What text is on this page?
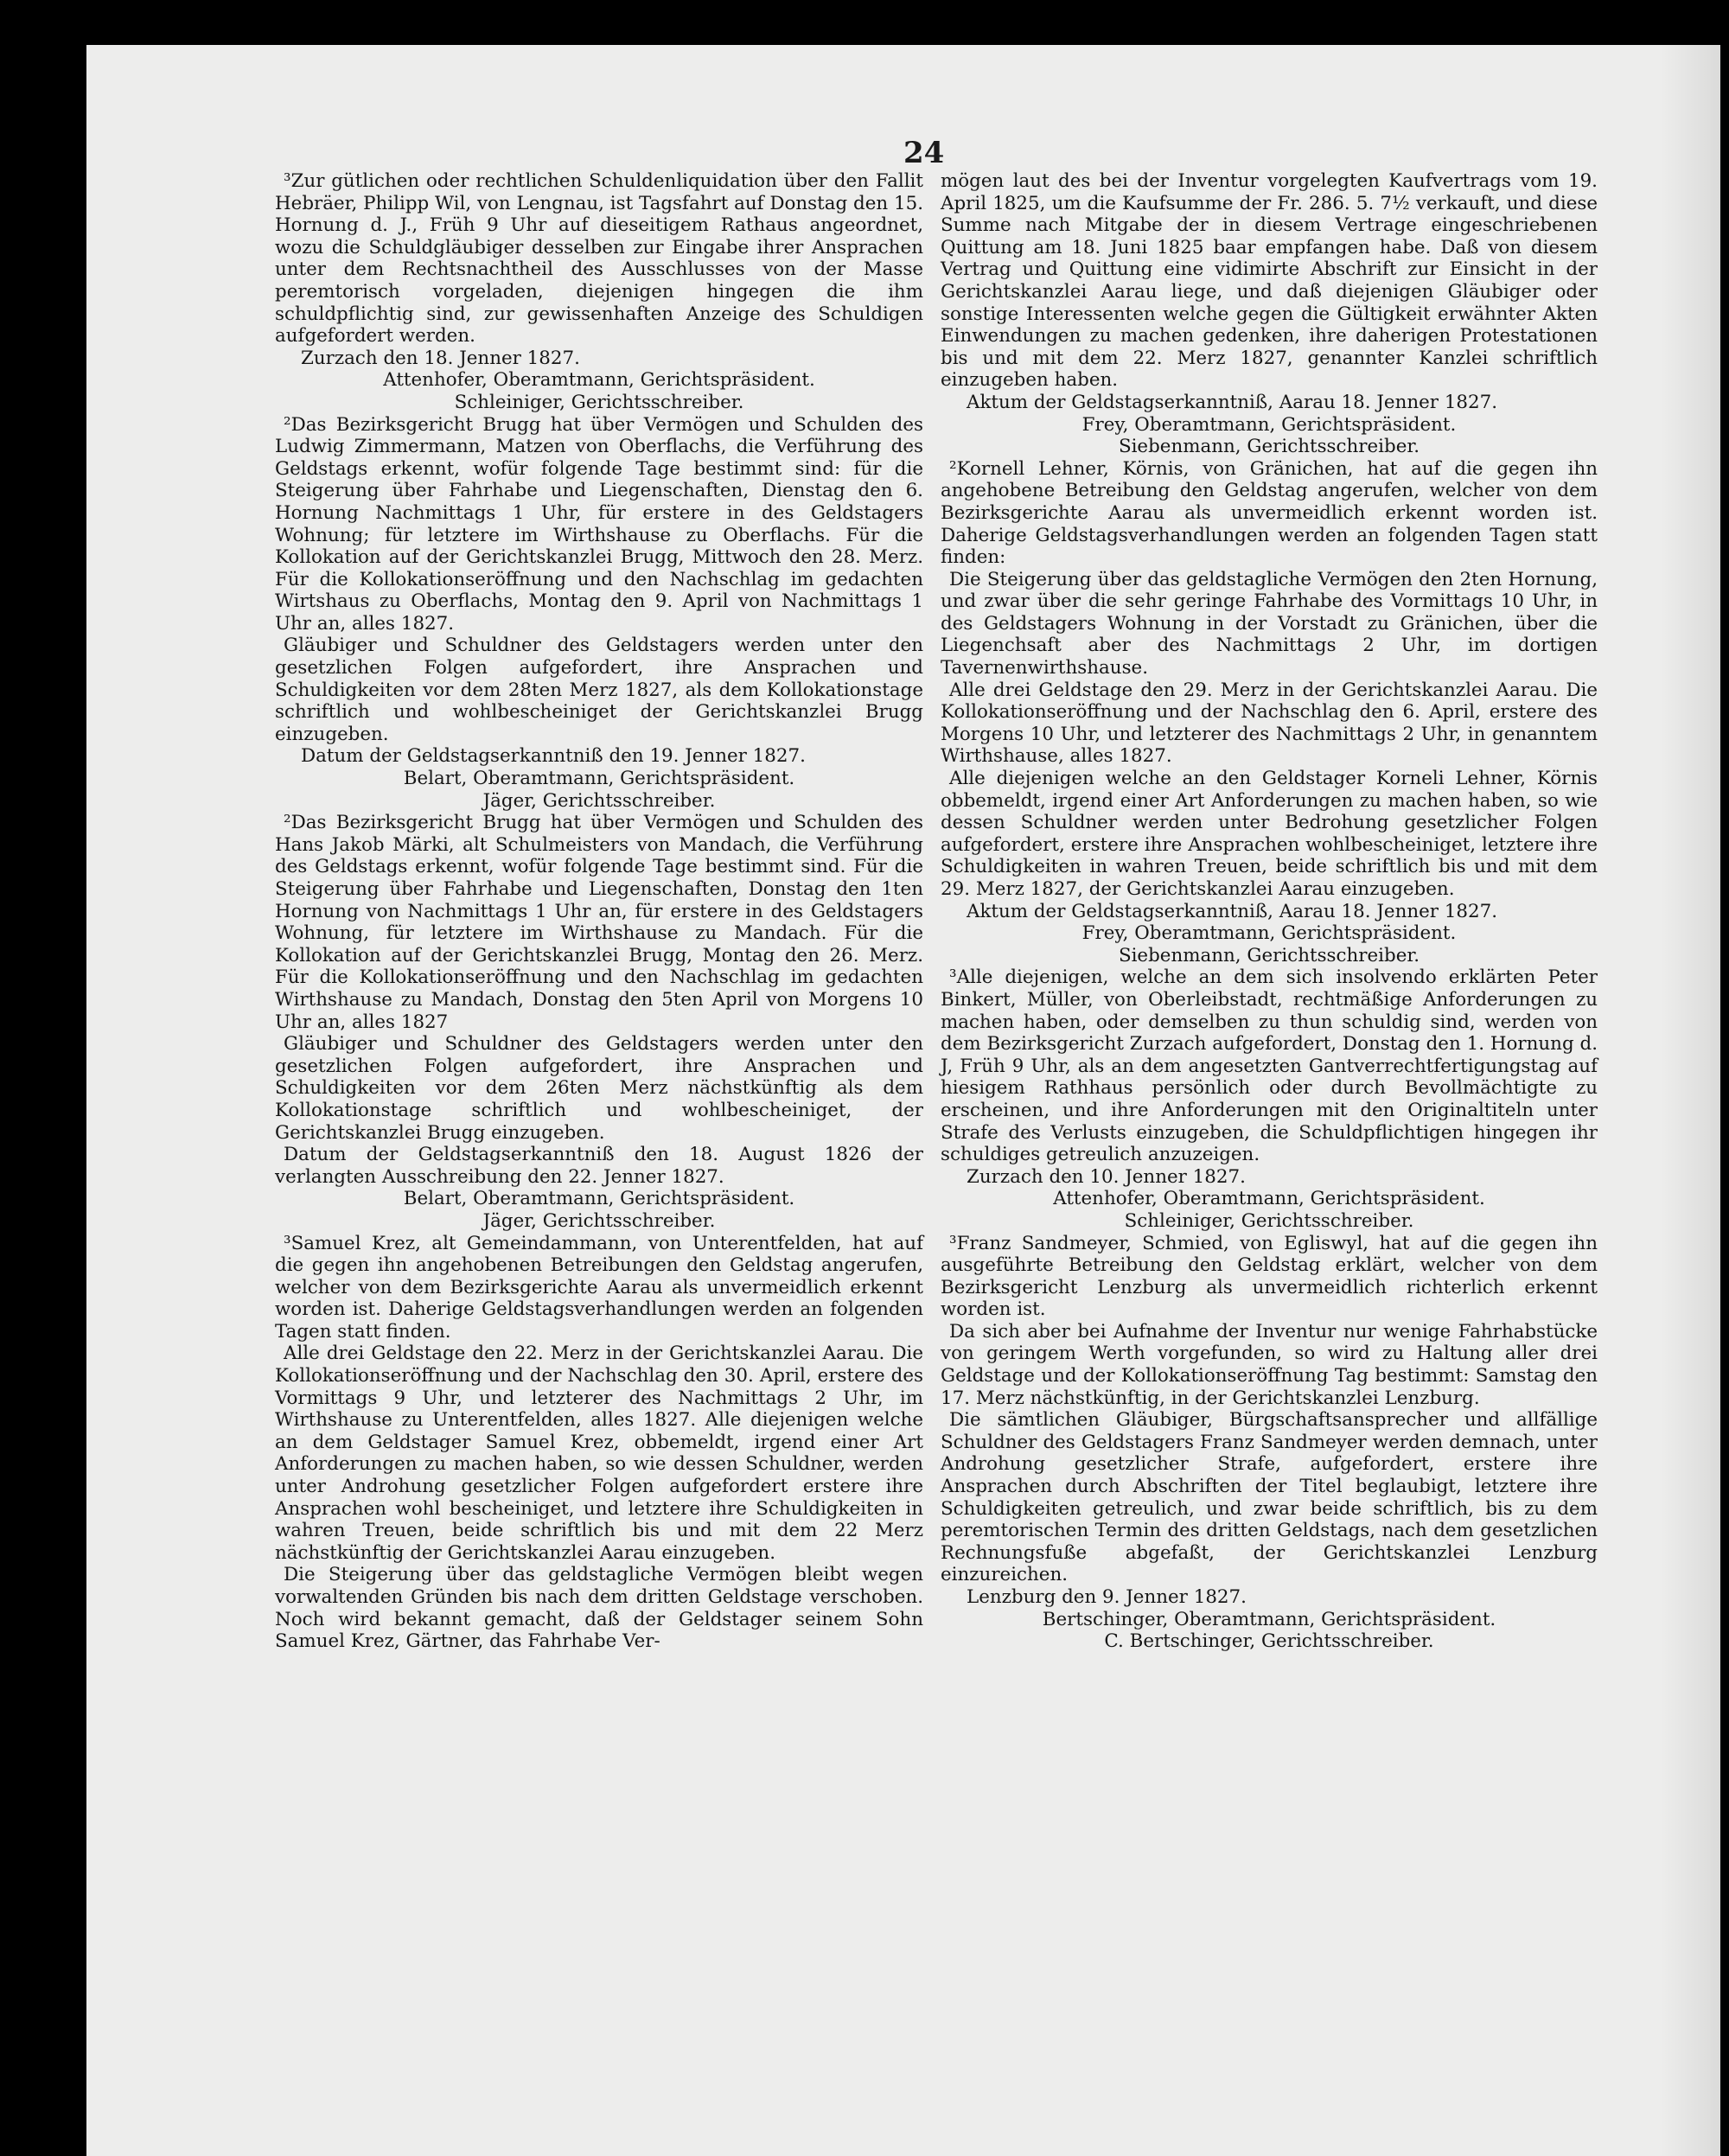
24

³Zur gütlichen oder rechtlichen Schuldenliquidation über den Fallit Hebräer, Philipp Wil, von Lengnau, ist Tagsfahrt auf Donstag den 15. Hornung d. J., Früh 9 Uhr auf dieseitigem Rathaus angeordnet, wozu die Schuldgläubiger desselben zur Eingabe ihrer Ansprachen unter dem Rechtsnachtheil des Ausschlusses von der Masse peremtorisch vorgeladen, diejenigen hingegen die ihm schuldpflichtig sind, zur gewissenhaften Anzeige des Schuldigen aufgefordert werden.

Zurzach den 18. Jenner 1827.

Attenhofer, Oberamtmann, Gerichtspräsident.

Schleiniger, Gerichtsschreiber.

²Das Bezirksgericht Brugg hat über Vermögen und Schulden des Ludwig Zimmermann, Matzen von Oberflachs, die Verführung des Geldstags erkennt, wofür folgende Tage bestimmt sind: für die Steigerung über Fahrhabe und Liegenschaften, Dienstag den 6. Hornung Nachmittags 1 Uhr, für erstere in des Geldstagers Wohnung; für letztere im Wirthshause zu Oberflachs. Für die Kollokation auf der Gerichtskanzlei Brugg, Mittwoch den 28. Merz. Für die Kollokationseröffnung und den Nachschlag im gedachten Wirtshaus zu Oberflachs, Montag den 9. April von Nachmittags 1 Uhr an, alles 1827.

Gläubiger und Schuldner des Geldstagers werden unter den gesetzlichen Folgen aufgefordert, ihre Ansprachen und Schuldigkeiten vor dem 28ten Merz 1827, als dem Kollokationstage schriftlich und wohlbescheiniget der Gerichtskanzlei Brugg einzugeben.

Datum der Geldstagserkanntniß den 19. Jenner 1827.

Belart, Oberamtmann, Gerichtspräsident.

Jäger, Gerichtsschreiber.

²Das Bezirksgericht Brugg hat über Vermögen und Schulden des Hans Jakob Märki, alt Schulmeisters von Mandach, die Verführung des Geldstags erkennt, wofür folgende Tage bestimmt sind. Für die Steigerung über Fahrhabe und Liegenschaften, Donstag den 1ten Hornung von Nachmittags 1 Uhr an, für erstere in des Geldstagers Wohnung, für letztere im Wirthshause zu Mandach. Für die Kollokation auf der Gerichtskanzlei Brugg, Montag den 26. Merz. Für die Kollokationseröffnung und den Nachschlag im gedachten Wirthshause zu Mandach, Donstag den 5ten April von Morgens 10 Uhr an, alles 1827

Gläubiger und Schuldner des Geldstagers werden unter den gesetzlichen Folgen aufgefordert, ihre Ansprachen und Schuldigkeiten vor dem 26ten Merz nächstkünftig als dem Kollokationstage schriftlich und wohlbescheiniget, der Gerichtskanzlei Brugg einzugeben.

Datum der Geldstagserkanntniß den 18. August 1826 der verlangten Ausschreibung den 22. Jenner 1827.

Belart, Oberamtmann, Gerichtspräsident.

Jäger, Gerichtsschreiber.

³Samuel Krez, alt Gemeindammann, von Unterentfelden, hat auf die gegen ihn angehobenen Betreibungen den Geldstag angerufen, welcher von dem Bezirksgerichte Aarau als unvermeidlich erkennt worden ist. Daherige Geldstagsverhandlungen werden an folgenden Tagen statt finden.

Alle drei Geldstage den 22. Merz in der Gerichtskanzlei Aarau. Die Kollokationseröffnung und der Nachschlag den 30. April, erstere des Vormittags 9 Uhr, und letzterer des Nachmittags 2 Uhr, im Wirthshause zu Unterentfelden, alles 1827. Alle diejenigen welche an dem Geldstager Samuel Krez, obbemeldt, irgend einer Art Anforderungen zu machen haben, so wie dessen Schuldner, werden unter Androhung gesetzlicher Folgen aufgefordert erstere ihre Ansprachen wohl bescheiniget, und letztere ihre Schuldigkeiten in wahren Treuen, beide schriftlich bis und mit dem 22 Merz nächstkünftig der Gerichtskanzlei Aarau einzugeben.

Die Steigerung über das geldstagliche Vermögen bleibt wegen vorwaltenden Gründen bis nach dem dritten Geldstage verschoben. Noch wird bekannt gemacht, daß der Geldstager seinem Sohn Samuel Krez, Gärtner, das Fahrhabe Ver-

mögen laut des bei der Inventur vorgelegten Kaufvertrags vom 19. April 1825, um die Kaufsumme der Fr. 286. 5. 7½ verkauft, und diese Summe nach Mitgabe der in diesem Vertrage eingeschriebenen Quittung am 18. Juni 1825 baar empfangen habe. Daß von diesem Vertrag und Quittung eine vidimirte Abschrift zur Einsicht in der Gerichtskanzlei Aarau liege, und daß diejenigen Gläubiger oder sonstige Interessenten welche gegen die Gültigkeit erwähnter Akten Einwendungen zu machen gedenken, ihre daherigen Protestationen bis und mit dem 22. Merz 1827, genannter Kanzlei schriftlich einzugeben haben.

Aktum der Geldstagserkanntniß, Aarau 18. Jenner 1827.

Frey, Oberamtmann, Gerichtspräsident.

Siebenmann, Gerichtsschreiber.

²Kornell Lehner, Körnis, von Gränichen, hat auf die gegen ihn angehobene Betreibung den Geldstag angerufen, welcher von dem Bezirksgerichte Aarau als unvermeidlich erkennt worden ist. Daherige Geldstagsverhandlungen werden an folgenden Tagen statt finden:

Die Steigerung über das geldstagliche Vermögen den 2ten Hornung, und zwar über die sehr geringe Fahrhabe des Vormittags 10 Uhr, in des Geldstagers Wohnung in der Vorstadt zu Gränichen, über die Liegenchsaft aber des Nachmittags 2 Uhr, im dortigen Tavernenwirthshause.

Alle drei Geldstage den 29. Merz in der Gerichtskanzlei Aarau. Die Kollokationseröffnung und der Nachschlag den 6. April, erstere des Morgens 10 Uhr, und letzterer des Nachmittags 2 Uhr, in genanntem Wirthshause, alles 1827.

Alle diejenigen welche an den Geldstager Korneli Lehner, Körnis obbemeldt, irgend einer Art Anforderungen zu machen haben, so wie dessen Schuldner werden unter Bedrohung gesetzlicher Folgen aufgefordert, erstere ihre Ansprachen wohlbescheiniget, letztere ihre Schuldigkeiten in wahren Treuen, beide schriftlich bis und mit dem 29. Merz 1827, der Gerichtskanzlei Aarau einzugeben.

Aktum der Geldstagserkanntniß, Aarau 18. Jenner 1827.

Frey, Oberamtmann, Gerichtspräsident.

Siebenmann, Gerichtsschreiber.

³Alle diejenigen, welche an dem sich insolvendo erklärten Peter Binkert, Müller, von Oberleibstadt, rechtmäßige Anforderungen zu machen haben, oder demselben zu thun schuldig sind, werden von dem Bezirksgericht Zurzach aufgefordert, Donstag den 1. Hornung d. J, Früh 9 Uhr, als an dem angesetzten Gantverrechtfertigungstag auf hiesigem Rathhaus persönlich oder durch Bevollmächtigte zu erscheinen, und ihre Anforderungen mit den Originaltiteln unter Strafe des Verlusts einzugeben, die Schuldpflichtigen hingegen ihr schuldiges getreulich anzuzeigen.

Zurzach den 10. Jenner 1827.

Attenhofer, Oberamtmann, Gerichtspräsident.

Schleiniger, Gerichtsschreiber.

³Franz Sandmeyer, Schmied, von Egliswyl, hat auf die gegen ihn ausgeführte Betreibung den Geldstag erklärt, welcher von dem Bezirksgericht Lenzburg als unvermeidlich richterlich erkennt worden ist.

Da sich aber bei Aufnahme der Inventur nur wenige Fahrhabstücke von geringem Werth vorgefunden, so wird zu Haltung aller drei Geldstage und der Kollokationseröffnung Tag bestimmt: Samstag den 17. Merz nächstkünftig, in der Gerichtskanzlei Lenzburg.

Die sämtlichen Gläubiger, Bürgschaftsansprecher und allfällige Schuldner des Geldstagers Franz Sandmeyer werden demnach, unter Androhung gesetzlicher Strafe, aufgefordert, erstere ihre Ansprachen durch Abschriften der Titel beglaubigt, letztere ihre Schuldigkeiten getreulich, und zwar beide schriftlich, bis zu dem peremtorischen Termin des dritten Geldstags, nach dem gesetzlichen Rechnungsfuße abgefaßt, der Gerichtskanzlei Lenzburg einzureichen.

Lenzburg den 9. Jenner 1827.

Bertschinger, Oberamtmann, Gerichtspräsident.

C. Bertschinger, Gerichtsschreiber.
